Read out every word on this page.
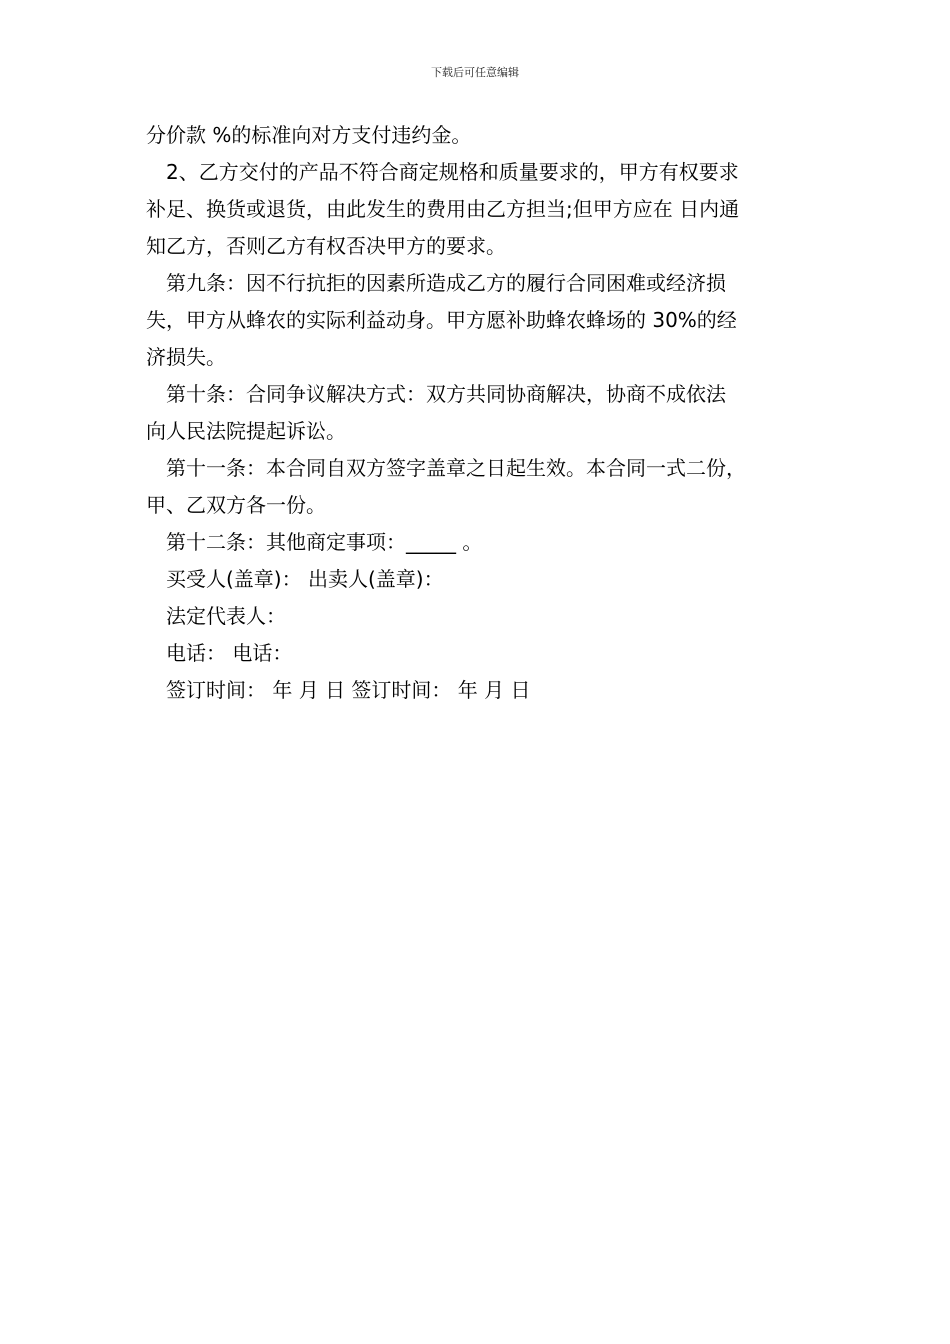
下载后可任意编辑
分价款 %的标准向对方支付违约金。
2、乙方交付的产品不符合商定规格和质量要求的，甲方有权要求
补足、换货或退货，由此发生的费用由乙方担当;但甲方应在 日内通
知乙方，否则乙方有权否决甲方的要求。
第九条：因不行抗拒的因素所造成乙方的履行合同困难或经济损
失，甲方从蜂农的实际利益动身。甲方愿补助蜂农蜂场的 30%的经
济损失。
第十条：合同争议解决方式：双方共同协商解决，协商不成依法
向人民法院提起诉讼。
第十一条：本合同自双方签字盖章之日起生效。本合同一式二份，
甲、乙双方各一份。
第十二条：其他商定事项：_____ 。
买受人(盖章)： 出卖人(盖章)：
法定代表人：
电话： 电话：
签订时间： 年 月 日 签订时间： 年 月 日
